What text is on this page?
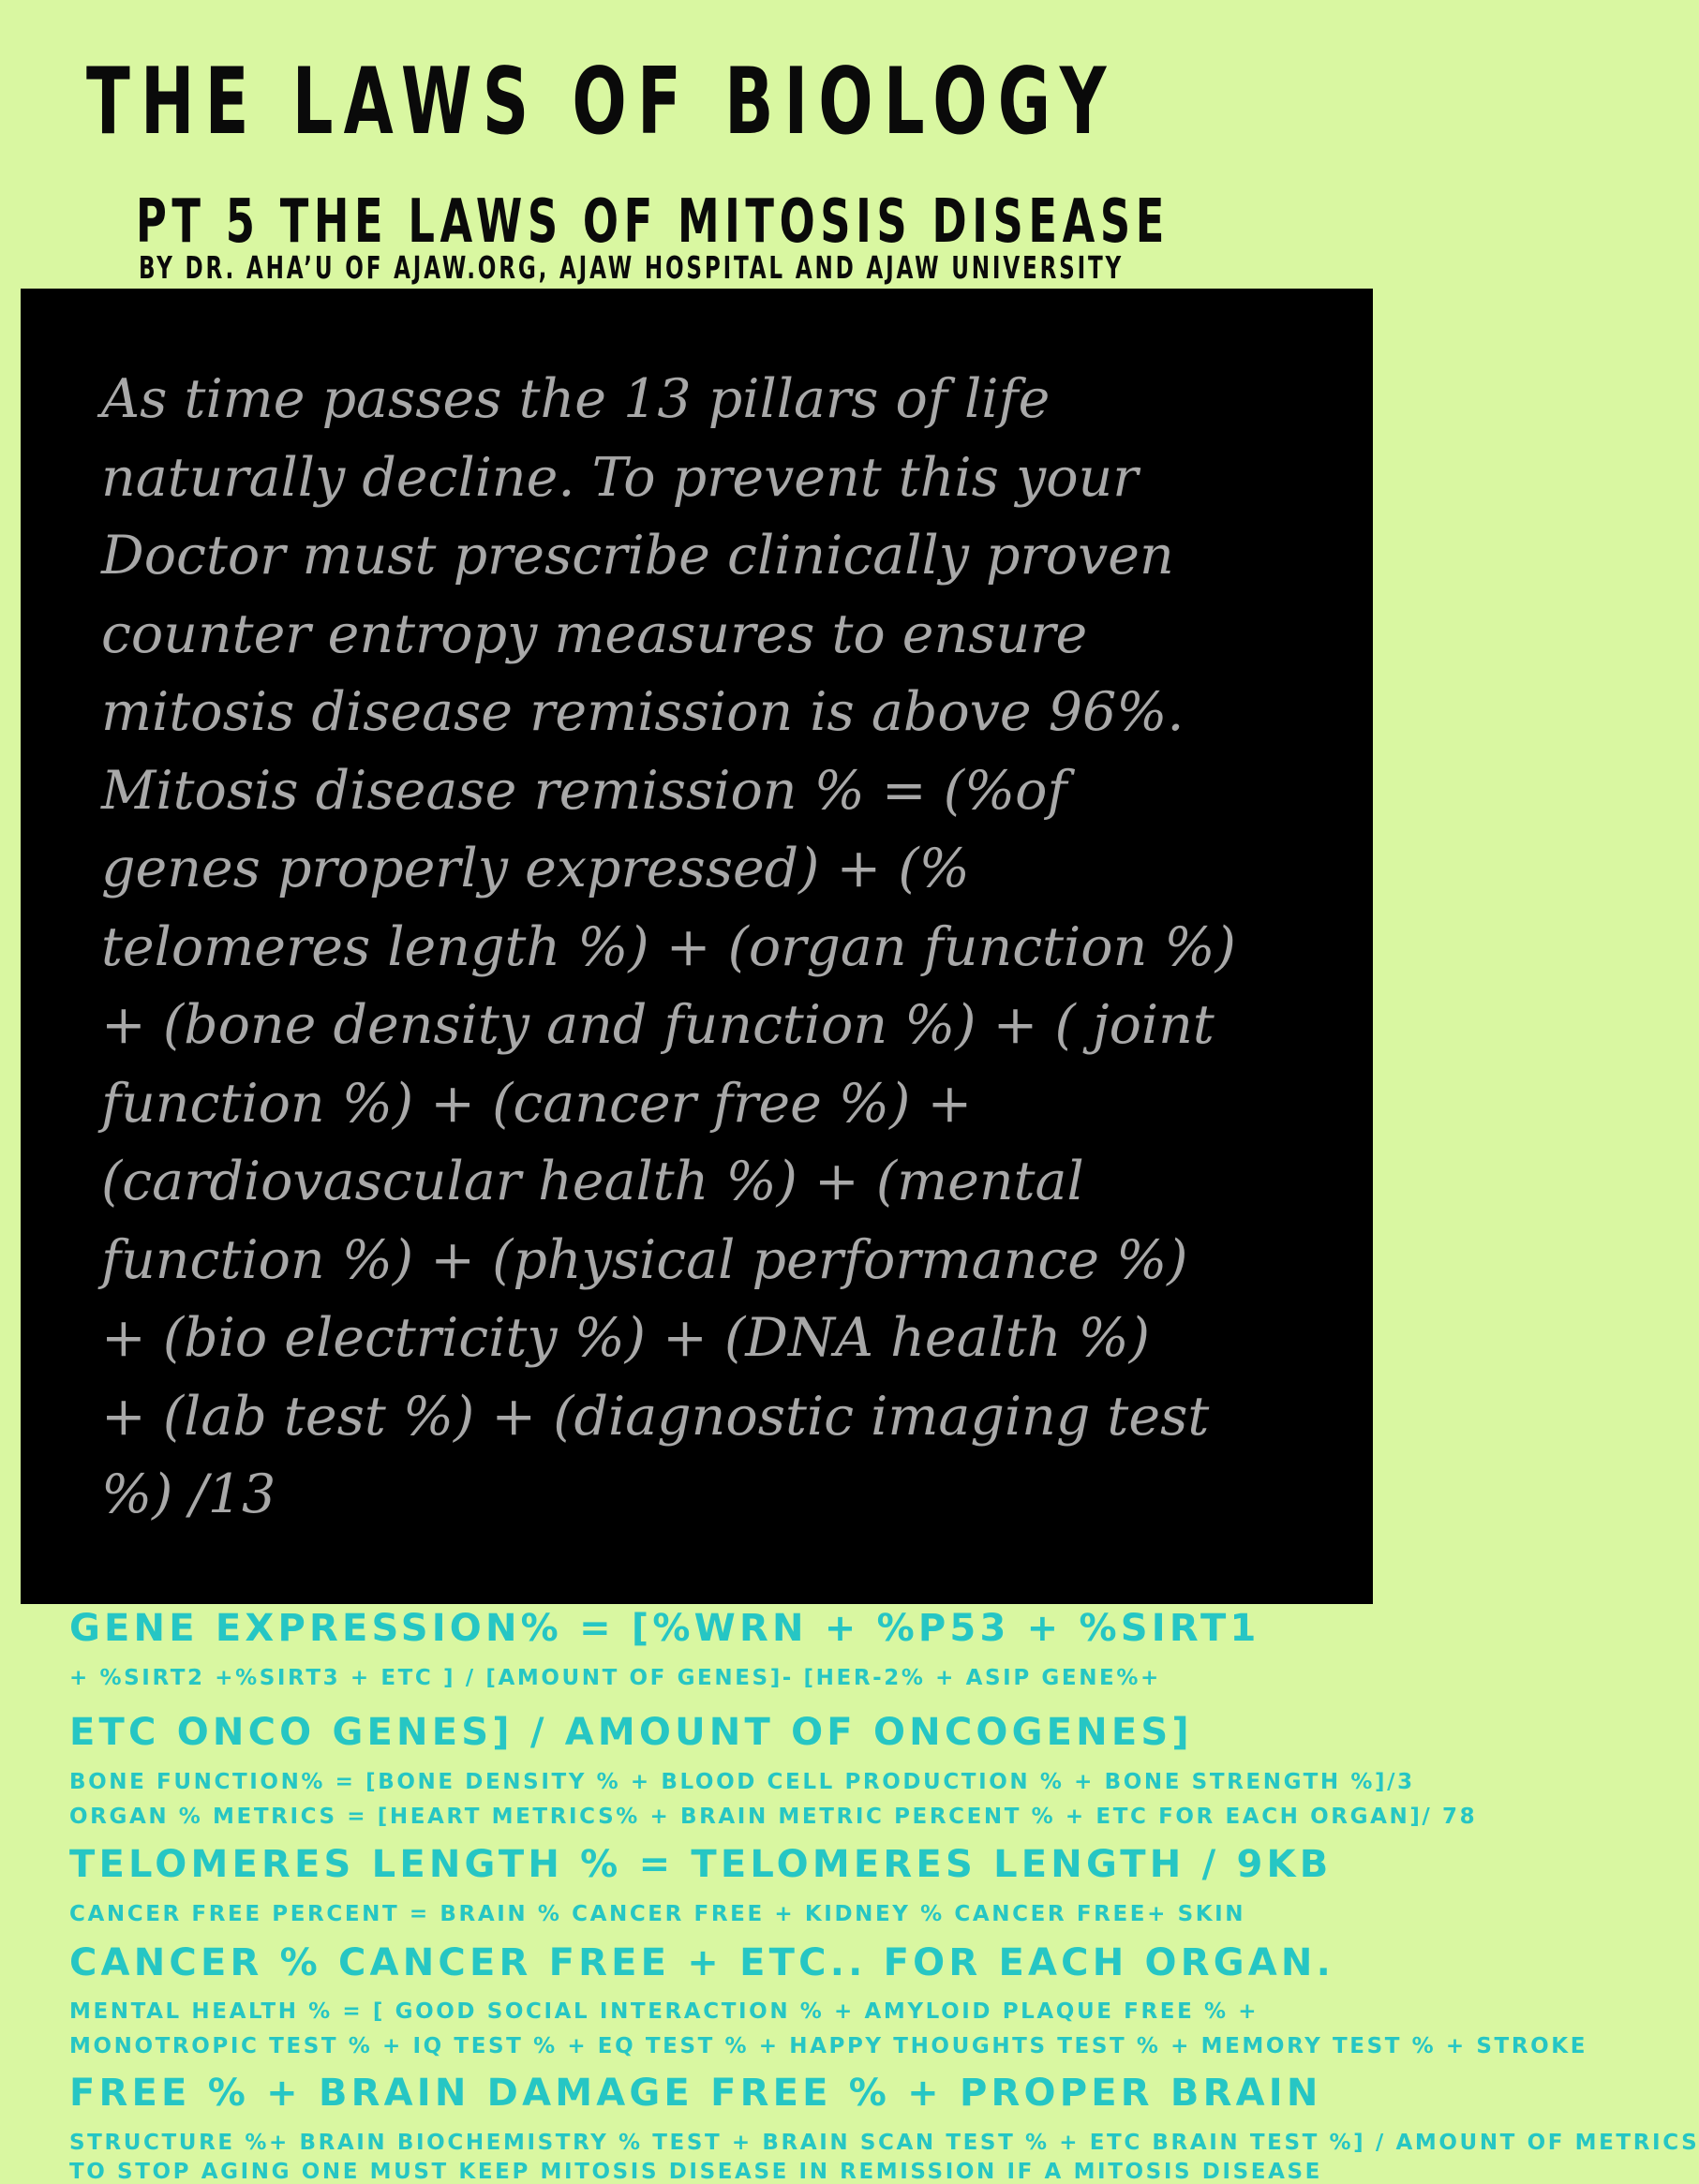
THE LAWS OF BIOLOGY
PT 5 THE LAWS OF MITOSIS DISEASE
BY DR. AHA’U OF AJAW.ORG, AJAW HOSPITAL AND AJAW UNIVERSITY
As time passes the 13 pillars of life
naturally decline. To prevent this your
Doctor must prescribe clinically proven
counter entropy measures to ensure
mitosis disease remission is above 96%.
Mitosis disease remission % = (%of
genes properly expressed) + (%
telomeres length %) + (organ function %)
+ (bone density and function %) + ( joint
function %) + (cancer free %) +
(cardiovascular health %) + (mental
function %) + (physical performance %)
+ (bio electricity %) + (DNA health %)
+ (lab test %) + (diagnostic imaging test
%) /13
GENE EXPRESSION% = [%WRN + %P53 + %SIRT1
+ %SIRT2 +%SIRT3 + ETC ] / [AMOUNT OF GENES]- [HER-2% + ASIP GENE%+
ETC ONCO GENES] / AMOUNT OF ONCOGENES]
BONE FUNCTION% = [BONE DENSITY % + BLOOD CELL PRODUCTION % + BONE STRENGTH %]/3
ORGAN % METRICS = [HEART METRICS% + BRAIN METRIC PERCENT % + ETC FOR EACH ORGAN]/ 78
TELOMERES LENGTH % = TELOMERES LENGTH / 9KB
CANCER FREE PERCENT = BRAIN % CANCER FREE + KIDNEY % CANCER FREE+ SKIN
CANCER % CANCER FREE + ETC.. FOR EACH ORGAN.
MENTAL HEALTH % = [ GOOD SOCIAL INTERACTION % + AMYLOID PLAQUE FREE % +
MONOTROPIC TEST % + IQ TEST % + EQ TEST % + HAPPY THOUGHTS TEST % + MEMORY TEST % + STROKE
FREE % + BRAIN DAMAGE FREE % + PROPER BRAIN
STRUCTURE %+ BRAIN BIOCHEMISTRY % TEST + BRAIN SCAN TEST % + ETC BRAIN TEST %] / AMOUNT OF METRICS
TO STOP AGING ONE MUST KEEP MITOSIS DISEASE IN REMISSION IF A MITOSIS DISEASE
